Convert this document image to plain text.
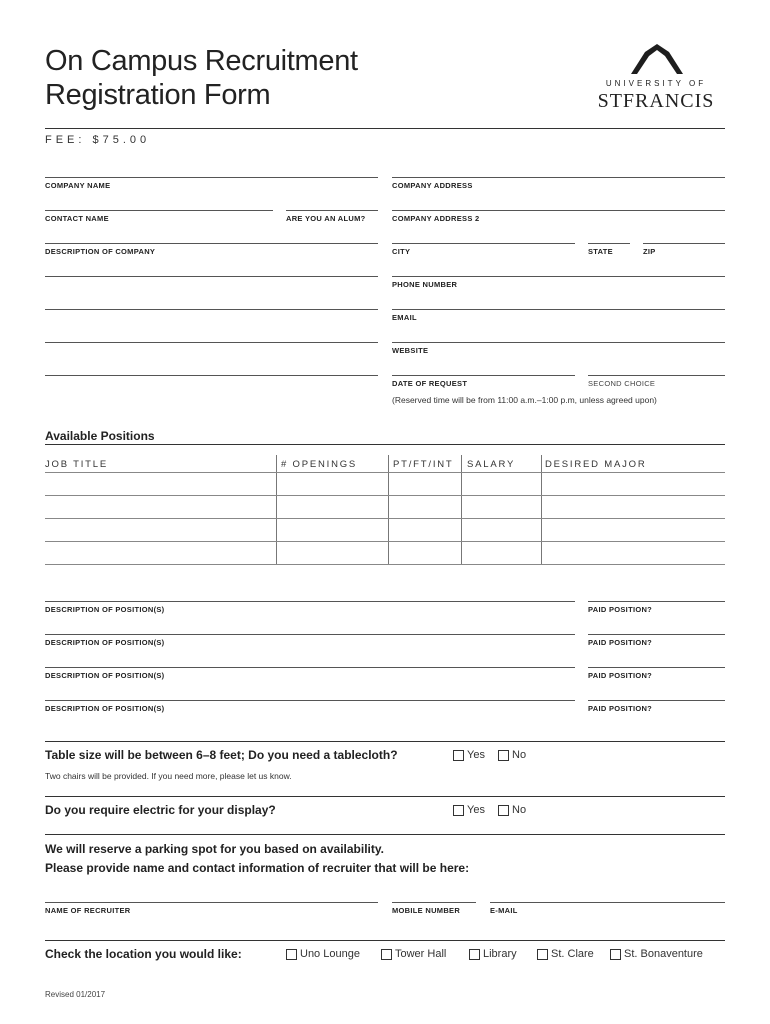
On Campus Recruitment
Registration Form	UNIVERSITY OF
STFRANCIS
FEE: $75.00
COMPANY NAME
CONTACT NAME	ARE YOU AN ALUM?
DESCRIPTION OF COMPANY
COMPANY ADDRESS
COMPANY ADDRESS 2
CITY	STATE	ZIP
PHONE NUMBER
EMAIL
WEBSITE
DATE OF REQUEST	SECOND CHOICE
(Reserved time will be from 11:00 a.m.–1:00 p.m, unless agreed upon)
Available Positions
JOB TITLE	# OPENINGS	PT/FT/INT SALARY	DESIRED MAJOR
DESCRIPTION OF POSITION(S)	PAID POSITION?
DESCRIPTION OF POSITION(S)	PAID POSITION?
DESCRIPTION OF POSITION(S)	PAID POSITION?
DESCRIPTION OF POSITION(S)	PAID POSITION?
Table size will be between 6–8 feet; Do you need a tablecloth?	Yes No
Two chairs will be provided. If you need more, please let us know.
Do you require electric for your display?	Yes No
We will reserve a parking spot for you based on availability.
Please provide name and contact information of recruiter that will be here:
NAME OF RECRUITER	MOBILE NUMBER	E-MAIL
Check the location you would like:	Uno Lounge	Tower Hall	Library	St. Clare	St. Bonaventure
Revised 01/2017
